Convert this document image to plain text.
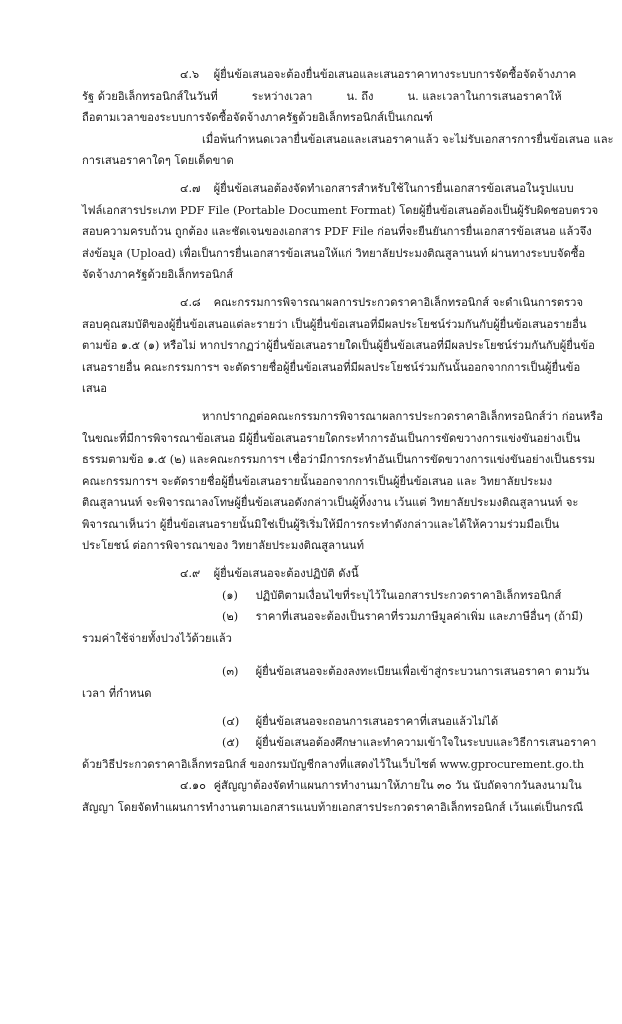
๔.๖ ผู้ยื่นข้อเสนอจะต้องยื่นข้อเสนอและเสนอราคาทางระบบการจัดซื้อจัดจ้างภาค
รัฐ ด้วยอิเล็กทรอนิกส์ในวันที่	ระหว่างเวลา	น. ถึง	น. และเวลาในการเสนอราคาให้
ถือตามเวลาของระบบการจัดซื้อจัดจ้างภาครัฐด้วยอิเล็กทรอนิกส์เป็นเกณฑ์
เมื่อพ้นกำหนดเวลายื่นข้อเสนอและเสนอราคาแล้ว จะไม่รับเอกสารการยื่นข้อเสนอ และ
การเสนอราคาใดๆ โดยเด็ดขาด
๔.๗ ผู้ยื่นข้อเสนอต้องจัดทำเอกสารสำหรับใช้ในการยื่นเอกสารข้อเสนอในรูปแบบ
ไฟล์เอกสารประเภท PDF File (Portable Document Format) โดยผู้ยื่นข้อเสนอต้องเป็นผู้รับผิดชอบตรวจ
สอบความครบถ้วน ถูกต้อง และชัดเจนของเอกสาร PDF File ก่อนที่จะยืนยันการยื่นเอกสารข้อเสนอ แล้วจึง
ส่งข้อมูล (Upload) เพื่อเป็นการยื่นเอกสารข้อเสนอให้แก่ วิทยาลัยประมงติณสูลานนท์ ผ่านทางระบบจัดซื้อ
จัดจ้างภาครัฐด้วยอิเล็กทรอนิกส์
๔.๘ คณะกรรมการพิจารณาผลการประกวดราคาอิเล็กทรอนิกส์ จะดำเนินการตรวจ
สอบคุณสมบัติของผู้ยื่นข้อเสนอแต่ละรายว่า เป็นผู้ยื่นข้อเสนอที่มีผลประโยชน์ร่วมกันกับผู้ยื่นข้อเสนอรายอื่น
ตามข้อ ๑.๕ (๑) หรือไม่ หากปรากฏว่าผู้ยื่นข้อเสนอรายใดเป็นผู้ยื่นข้อเสนอที่มีผลประโยชน์ร่วมกันกับผู้ยื่นข้อ
เสนอรายอื่น คณะกรรมการฯ จะตัดรายชื่อผู้ยื่นข้อเสนอที่มีผลประโยชน์ร่วมกันนั้นออกจากการเป็นผู้ยื่นข้อ
เสนอ
หากปรากฏต่อคณะกรรมการพิจารณาผลการประกวดราคาอิเล็กทรอนิกส์ว่า ก่อนหรือ
ในขณะที่มีการพิจารณาข้อเสนอ มีผู้ยื่นข้อเสนอรายใดกระทำการอันเป็นการขัดขวางการแข่งขันอย่างเป็น
ธรรมตามข้อ ๑.๕ (๒) และคณะกรรมการฯ เชื่อว่ามีการกระทำอันเป็นการขัดขวางการแข่งขันอย่างเป็นธรรม
คณะกรรมการฯ จะตัดรายชื่อผู้ยื่นข้อเสนอรายนั้นออกจากการเป็นผู้ยื่นข้อเสนอ และ วิทยาลัยประมง
ติณสูลานนท์ จะพิจารณาลงโทษผู้ยื่นข้อเสนอดังกล่าวเป็นผู้ทิ้งงาน เว้นแต่ วิทยาลัยประมงติณสูลานนท์ จะ
พิจารณาเห็นว่า ผู้ยื่นข้อเสนอรายนั้นมิใช่เป็นผู้ริเริ่มให้มีการกระทำดังกล่าวและได้ให้ความร่วมมือเป็น
ประโยชน์ ต่อการพิจารณาของ วิทยาลัยประมงติณสูลานนท์
๔.๙ ผู้ยื่นข้อเสนอจะต้องปฏิบัติ ดังนี้
(๑) ปฏิบัติตามเงื่อนไขที่ระบุไว้ในเอกสารประกวดราคาอิเล็กทรอนิกส์
(๒) ราคาที่เสนอจะต้องเป็นราคาที่รวมภาษีมูลค่าเพิ่ม และภาษีอื่นๆ (ถ้ามี)
รวมค่าใช้จ่ายทั้งปวงไว้ด้วยแล้ว
(๓) ผู้ยื่นข้อเสนอจะต้องลงทะเบียนเพื่อเข้าสู่กระบวนการเสนอราคา ตามวัน
เวลา ที่กำหนด
(๔) ผู้ยื่นข้อเสนอจะถอนการเสนอราคาที่เสนอแล้วไม่ได้
(๕) ผู้ยื่นข้อเสนอต้องศึกษาและทำความเข้าใจในระบบและวิธีการเสนอราคา
ด้วยวิธีประกวดราคาอิเล็กทรอนิกส์ ของกรมบัญชีกลางที่แสดงไว้ในเว็บไซต์ www.gprocurement.go.th
๔.๑๐ คู่สัญญาต้องจัดทำแผนการทำงานมาให้ภายใน ๓๐ วัน นับถัดจากวันลงนามใน
สัญญา โดยจัดทำแผนการทำงานตามเอกสารแนบท้ายเอกสารประกวดราคาอิเล็กทรอนิกส์ เว้นแต่เป็นกรณี
